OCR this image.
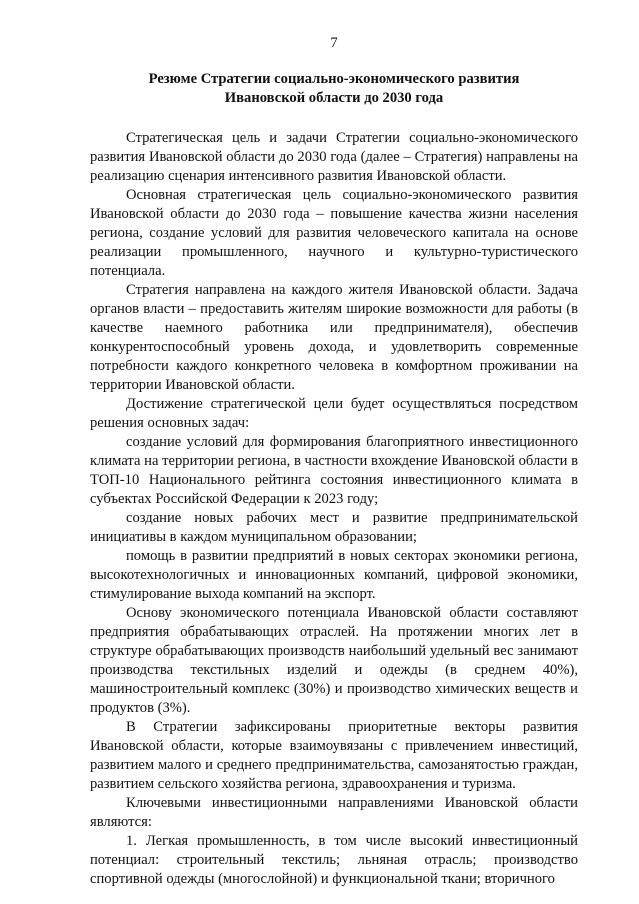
7
Резюме Стратегии социально-экономического развития
Ивановской области до 2030 года

Стратегическая цель и задачи Стратегии социально-экономического развития Ивановской области до 2030 года (далее – Стратегия) направлены на реализацию сценария интенсивного развития Ивановской области.

Основная стратегическая цель социально-экономического развития Ивановской области до 2030 года – повышение качества жизни населения региона, создание условий для развития человеческого капитала на основе реализации промышленного, научного и культурно-туристического потенциала.

Стратегия направлена на каждого жителя Ивановской области. Задача органов власти – предоставить жителям широкие возможности для работы (в качестве наемного работника или предпринимателя), обеспечив конкурентоспособный уровень дохода, и удовлетворить современные потребности каждого конкретного человека в комфортном проживании на территории Ивановской области.

Достижение стратегической цели будет осуществляться посредством решения основных задач:

создание условий для формирования благоприятного инвестиционного климата на территории региона, в частности вхождение Ивановской области в ТОП-10 Национального рейтинга состояния инвестиционного климата в субъектах Российской Федерации к 2023 году;

создание новых рабочих мест и развитие предпринимательской инициативы в каждом муниципальном образовании;

помощь в развитии предприятий в новых секторах экономики региона, высокотехнологичных и инновационных компаний, цифровой экономики, стимулирование выхода компаний на экспорт.

Основу экономического потенциала Ивановской области составляют предприятия обрабатывающих отраслей. На протяжении многих лет в структуре обрабатывающих производств наибольший удельный вес занимают производства текстильных изделий и одежды (в среднем 40%), машиностроительный комплекс (30%) и производство химических веществ и продуктов (3%).

В Стратегии зафиксированы приоритетные векторы развития Ивановской области, которые взаимоувязаны с привлечением инвестиций, развитием малого и среднего предпринимательства, самозанятостью граждан, развитием сельского хозяйства региона, здравоохранения и туризма.

Ключевыми инвестиционными направлениями Ивановской области являются:

1. Легкая промышленность, в том числе высокий инвестиционный потенциал: строительный текстиль; льняная отрасль; производство спортивной одежды (многослойной) и функциональной ткани; вторичного
